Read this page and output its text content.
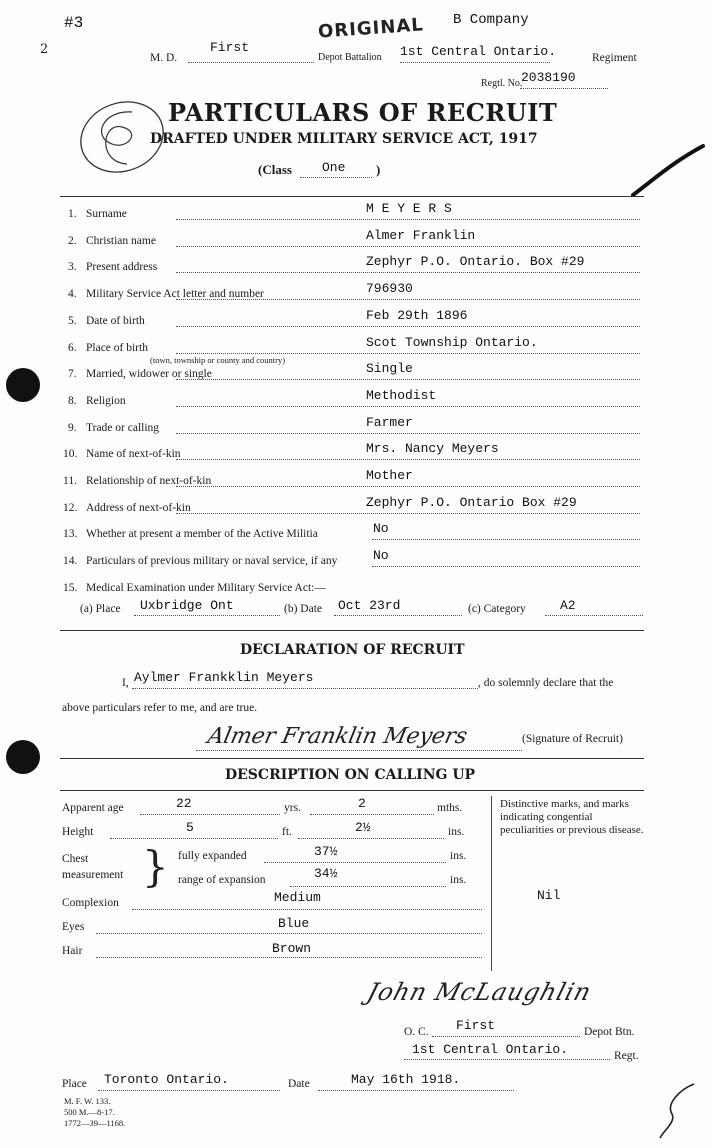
2
#3	ORIGINAL B Company
M. D.
First
Depot Battalion 1st Central Ontario.	Regiment
Regtl. No.
2038190
PARTICULARS OF RECRUIT
DRAFTED UNDER MILITARY SERVICE ACT, 1917
(Class One )
1. Surname	M E Y E R S
2. Christian name	Almer Franklin
3. Present address	Zephyr P.O. Ontario. Box #29
4. Military Service Act letter and number	796930
5. Date of birth	Feb 29th 1896
6. Place of birth
(town, township or county and country)
Scot Township Ontario.
7. Married, widower or single	Single
8. Religion	Methodist
9. Trade or calling	Farmer
10. Name of next-of-kin	Mrs. Nancy Meyers
11. Relationship of next-of-kin	Mother
12. Address of next-of-kin	Zephyr P.O. Ontario Box #29
13. Whether at present a member of the Active Militia	No
14. Particulars of previous military or naval service, if any	No
15. Medical Examination under Military Service Act:—
(a) Place Uxbridge Ont	(b) Date Oct 23rd	(c) Category	A2
DECLARATION OF RECRUIT
I, Aylmer Frankklin Meyers	, do solemnly declare that the
above particulars refer to me, and are true.
Almer Franklin Meyers	(Signature of Recruit)
DESCRIPTION ON CALLING UP
Apparent age	22	yrs.	2	mths.
Height	5	ft.	2½	ins.
Chest
measurement } fully expanded	37½	ins.
range of expansion	34½	ins.
Complexion	Medium
Eyes	Blue
Hair	Brown
Distinctive marks, and marks indicating congential peculiarities or previous disease.
Nil
John McLaughlin
O. C. First	Depot Btn.
1st Central Ontario.	Regt.
Place Toronto Ontario.	Date	May 16th 1918.
M. F. W. 133.
500 M.—8-17.
1772—39—1168.
